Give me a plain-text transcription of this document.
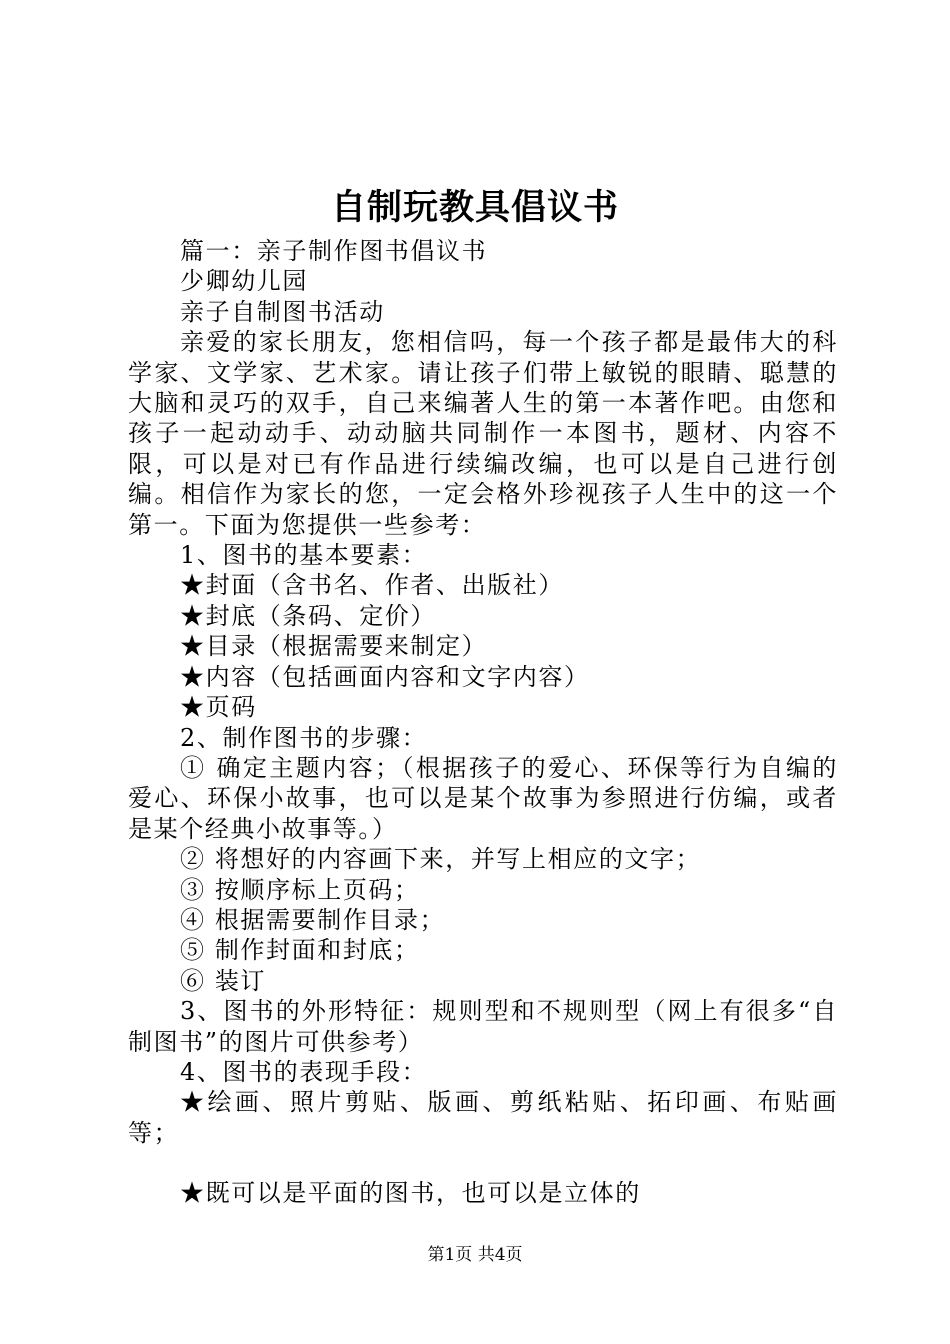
自制玩教具倡议书

篇一：亲子制作图书倡议书

少卿幼儿园

亲子自制图书活动

亲爱的家长朋友，您相信吗，每一个孩子都是最伟大的科学家、文学家、艺术家。请让孩子们带上敏锐的眼睛、聪慧的大脑和灵巧的双手，自己来编著人生的第一本著作吧。由您和孩子一起动动手、动动脑共同制作一本图书，题材、内容不限，可以是对已有作品进行续编改编，也可以是自己进行创编。相信作为家长的您，一定会格外珍视孩子人生中的这一个第一。下面为您提供一些参考：

1、图书的基本要素：

★封面（含书名、作者、出版社）

★封底（条码、定价）

★目录（根据需要来制定）

★内容（包括画面内容和文字内容）

★页码

2、制作图书的步骤：

① 确定主题内容；（根据孩子的爱心、环保等行为自编的爱心、环保小故事，也可以是某个故事为参照进行仿编，或者是某个经典小故事等。）

② 将想好的内容画下来，并写上相应的文字；

③ 按顺序标上页码；

④ 根据需要制作目录；

⑤ 制作封面和封底；

⑥ 装订

3、图书的外形特征：规则型和不规则型（网上有很多“自制图书”的图片可供参考）

4、图书的表现手段：

★绘画、照片剪贴、版画、剪纸粘贴、拓印画、布贴画等；

★既可以是平面的图书，也可以是立体的

第1页 共4页
